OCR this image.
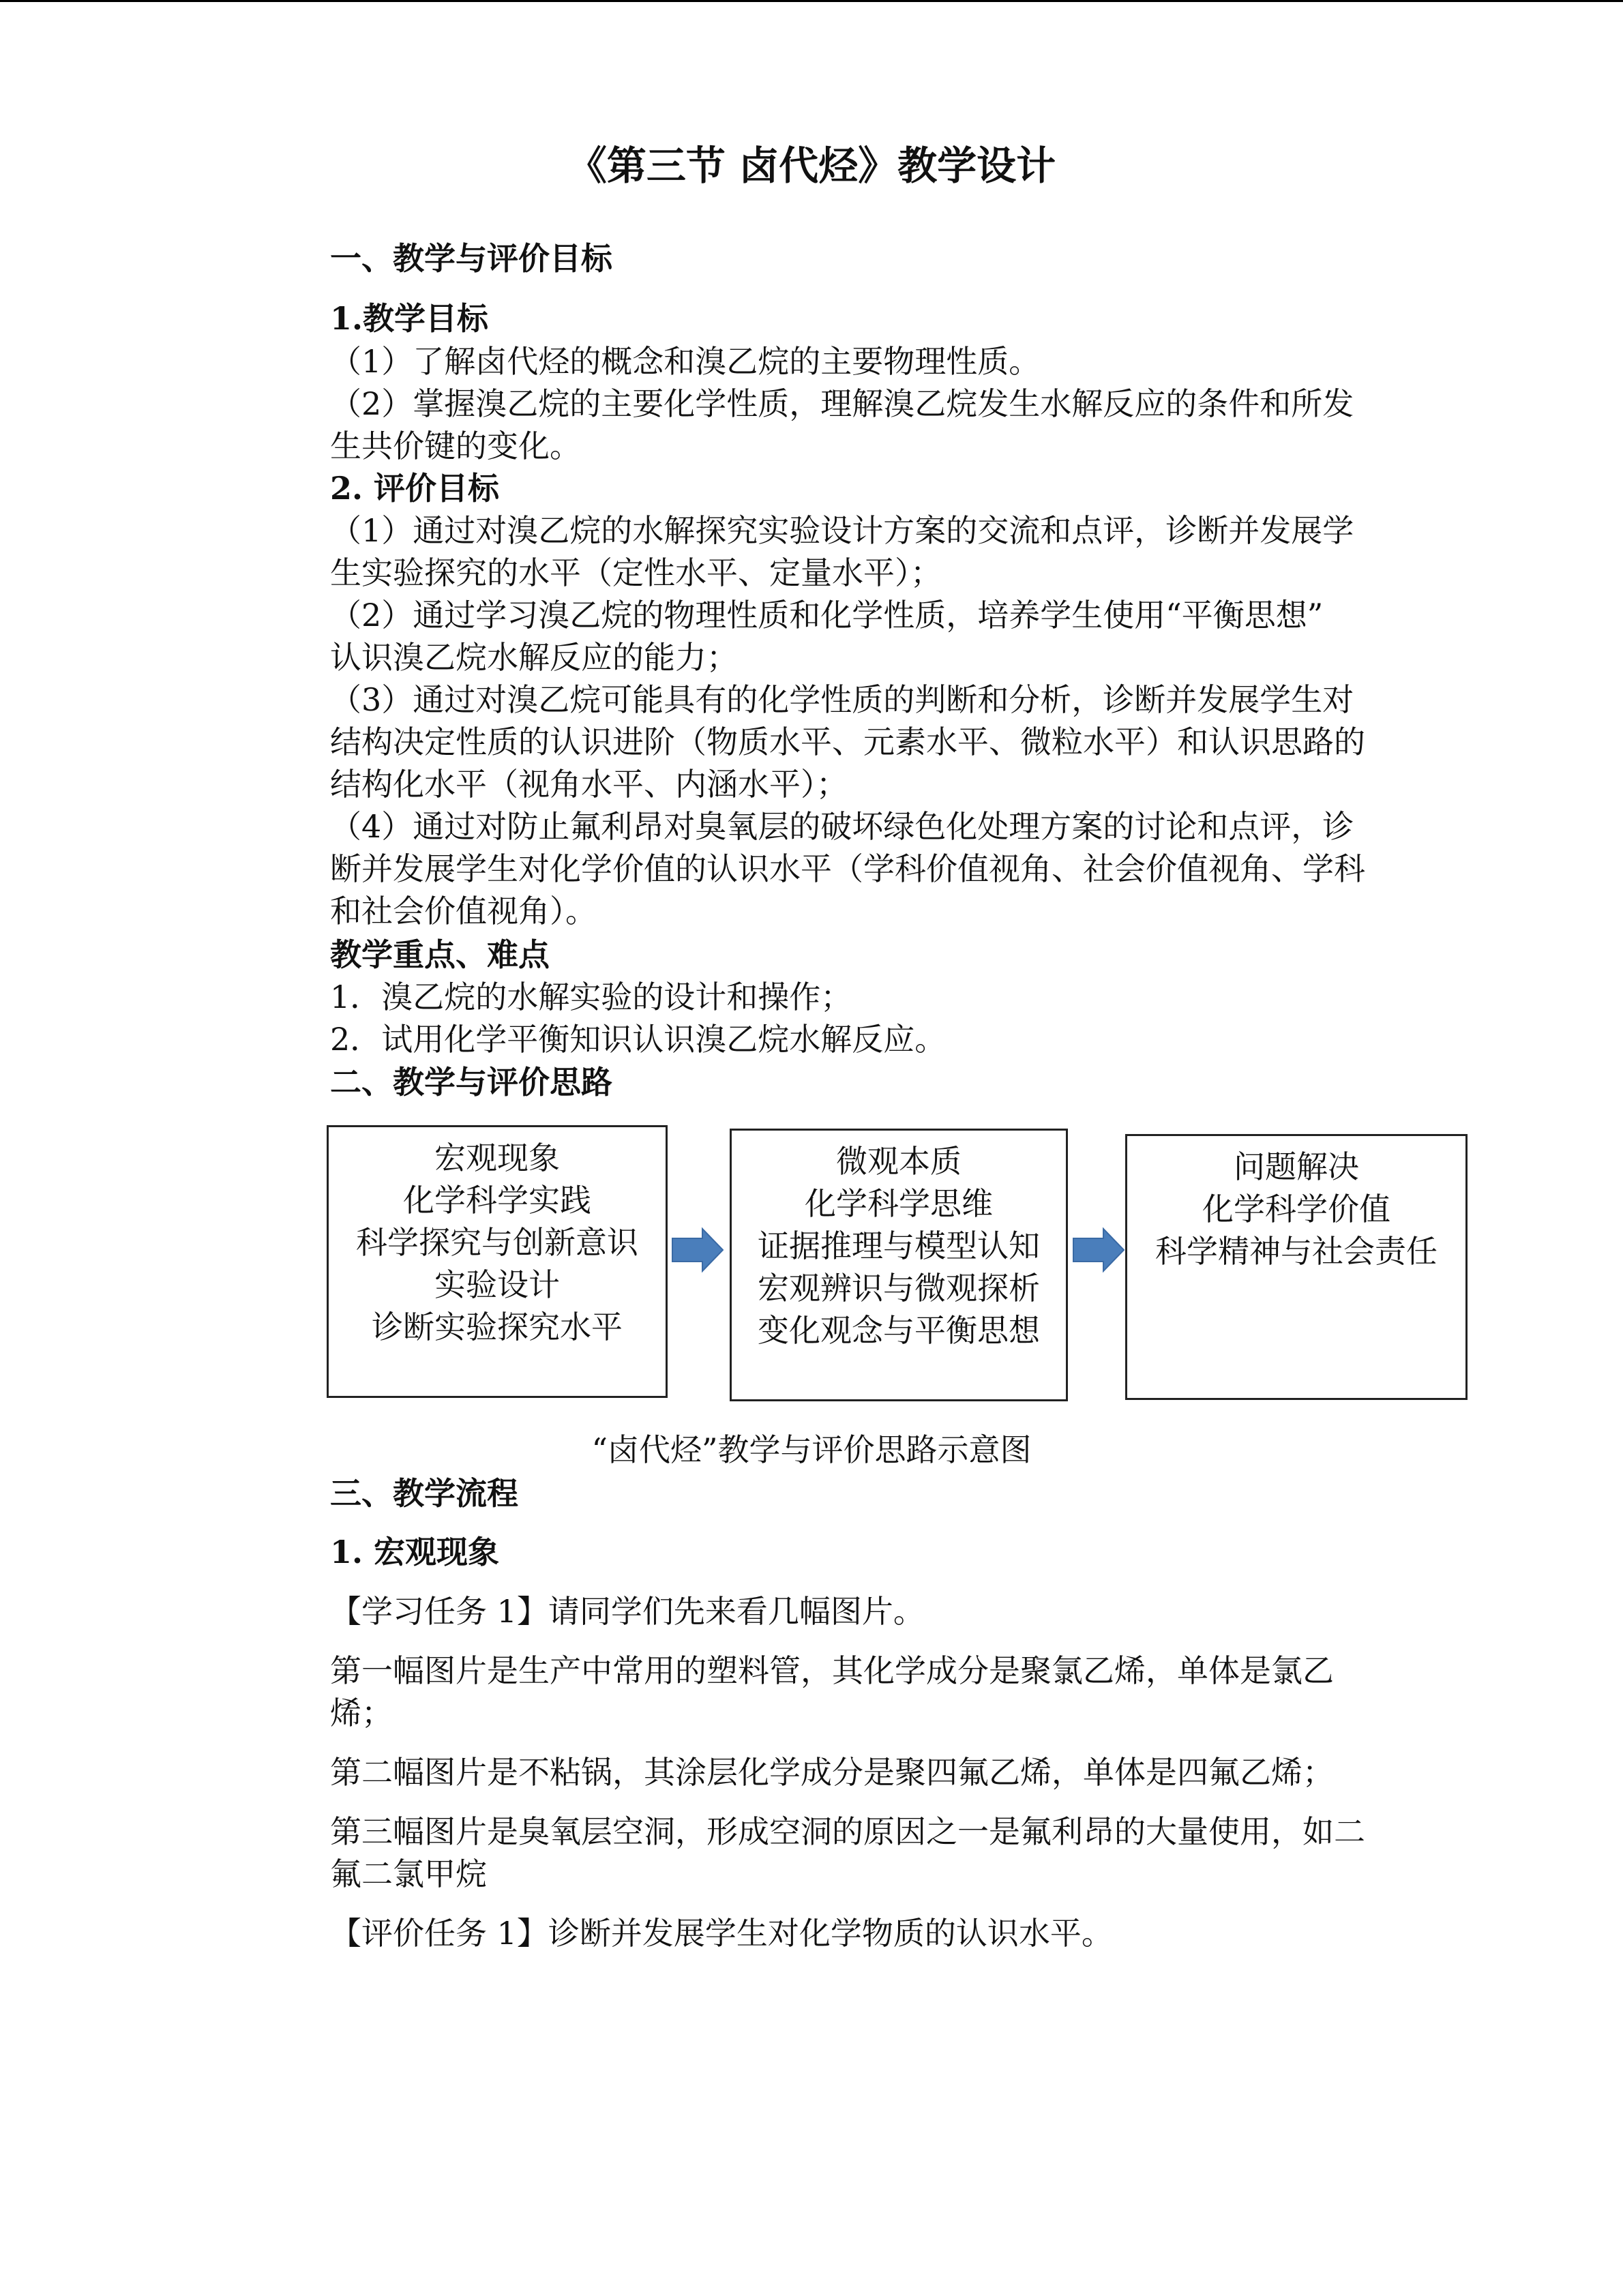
《第三节 卤代烃》教学设计
一、教学与评价目标
1.教学目标
（1）了解卤代烃的概念和溴乙烷的主要物理性质。
（2）掌握溴乙烷的主要化学性质，理解溴乙烷发生水解反应的条件和所发
生共价键的变化。
2. 评价目标
（1）通过对溴乙烷的水解探究实验设计方案的交流和点评，诊断并发展学
生实验探究的水平（定性水平、定量水平）；
（2）通过学习溴乙烷的物理性质和化学性质，培养学生使用“平衡思想”
认识溴乙烷水解反应的能力；
（3）通过对溴乙烷可能具有的化学性质的判断和分析，诊断并发展学生对
结构决定性质的认识进阶（物质水平、元素水平、微粒水平）和认识思路的
结构化水平（视角水平、内涵水平）；
（4）通过对防止氟利昂对臭氧层的破坏绿色化处理方案的讨论和点评，诊
断并发展学生对化学价值的认识水平（学科价值视角、社会价值视角、学科
和社会价值视角）。
教学重点、难点
1．溴乙烷的水解实验的设计和操作；
2．试用化学平衡知识认识溴乙烷水解反应。
二、教学与评价思路
宏观现象
化学科学实践
科学探究与创新意识
实验设计
诊断实验探究水平
微观本质
化学科学思维
证据推理与模型认知
宏观辨识与微观探析
变化观念与平衡思想
问题解决
化学科学价值
科学精神与社会责任
“卤代烃”教学与评价思路示意图
三、教学流程
1. 宏观现象
【学习任务 1】请同学们先来看几幅图片。
第一幅图片是生产中常用的塑料管，其化学成分是聚氯乙烯，单体是氯乙
烯；
第二幅图片是不粘锅，其涂层化学成分是聚四氟乙烯，单体是四氟乙烯；
第三幅图片是臭氧层空洞，形成空洞的原因之一是氟利昂的大量使用，如二
氟二氯甲烷
【评价任务 1】诊断并发展学生对化学物质的认识水平。
